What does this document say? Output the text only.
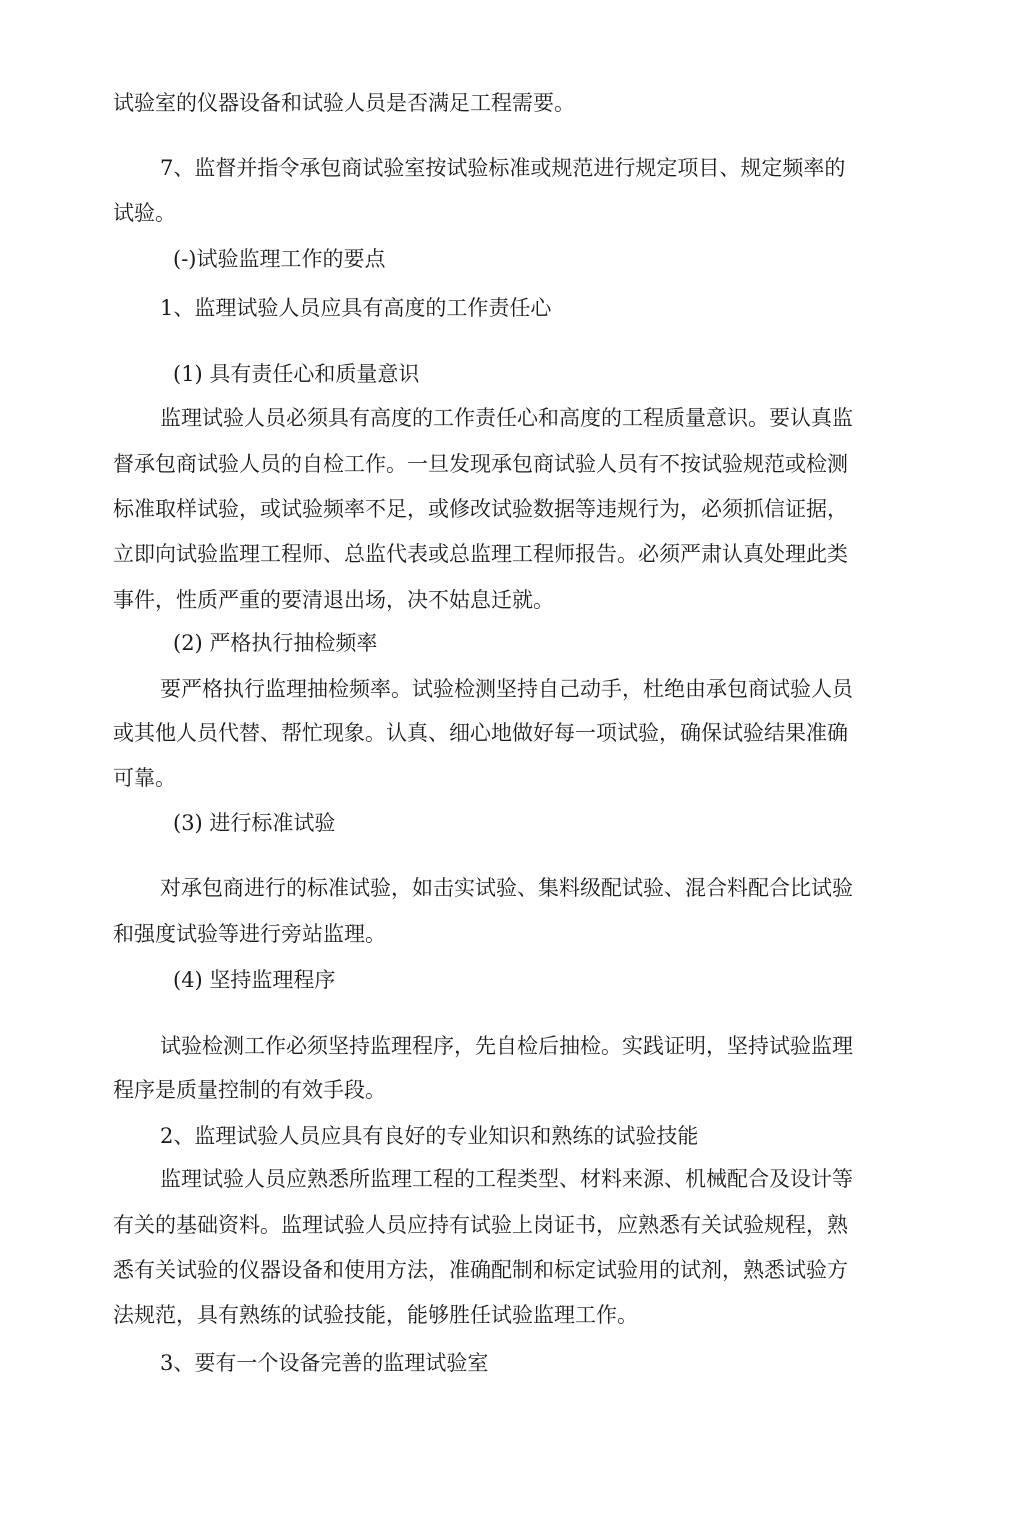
试验室的仪器设备和试验人员是否满足工程需要。

7、监督并指令承包商试验室按试验标准或规范进行规定项目、规定频率的

试验。

(-)试验监理工作的要点

1、监理试验人员应具有高度的工作责任心

(1) 具有责任心和质量意识

监理试验人员必须具有高度的工作责任心和高度的工程质量意识。要认真监

督承包商试验人员的自检工作。一旦发现承包商试验人员有不按试验规范或检测

标准取样试验，或试验频率不足，或修改试验数据等违规行为，必须抓信证据，

立即向试验监理工程师、总监代表或总监理工程师报告。必须严肃认真处理此类

事件，性质严重的要清退出场，决不姑息迁就。

(2) 严格执行抽检频率

要严格执行监理抽检频率。试验检测坚持自己动手，杜绝由承包商试验人员

或其他人员代替、帮忙现象。认真、细心地做好每一项试验，确保试验结果准确

可靠。

(3) 进行标准试验

对承包商进行的标准试验，如击实试验、集料级配试验、混合料配合比试验

和强度试验等进行旁站监理。

(4) 坚持监理程序

试验检测工作必须坚持监理程序，先自检后抽检。实践证明，坚持试验监理

程序是质量控制的有效手段。

2、监理试验人员应具有良好的专业知识和熟练的试验技能

监理试验人员应熟悉所监理工程的工程类型、材料来源、机械配合及设计等

有关的基础资料。监理试验人员应持有试验上岗证书，应熟悉有关试验规程，熟

悉有关试验的仪器设备和使用方法，准确配制和标定试验用的试剂，熟悉试验方

法规范，具有熟练的试验技能，能够胜任试验监理工作。

3、要有一个设备完善的监理试验室
